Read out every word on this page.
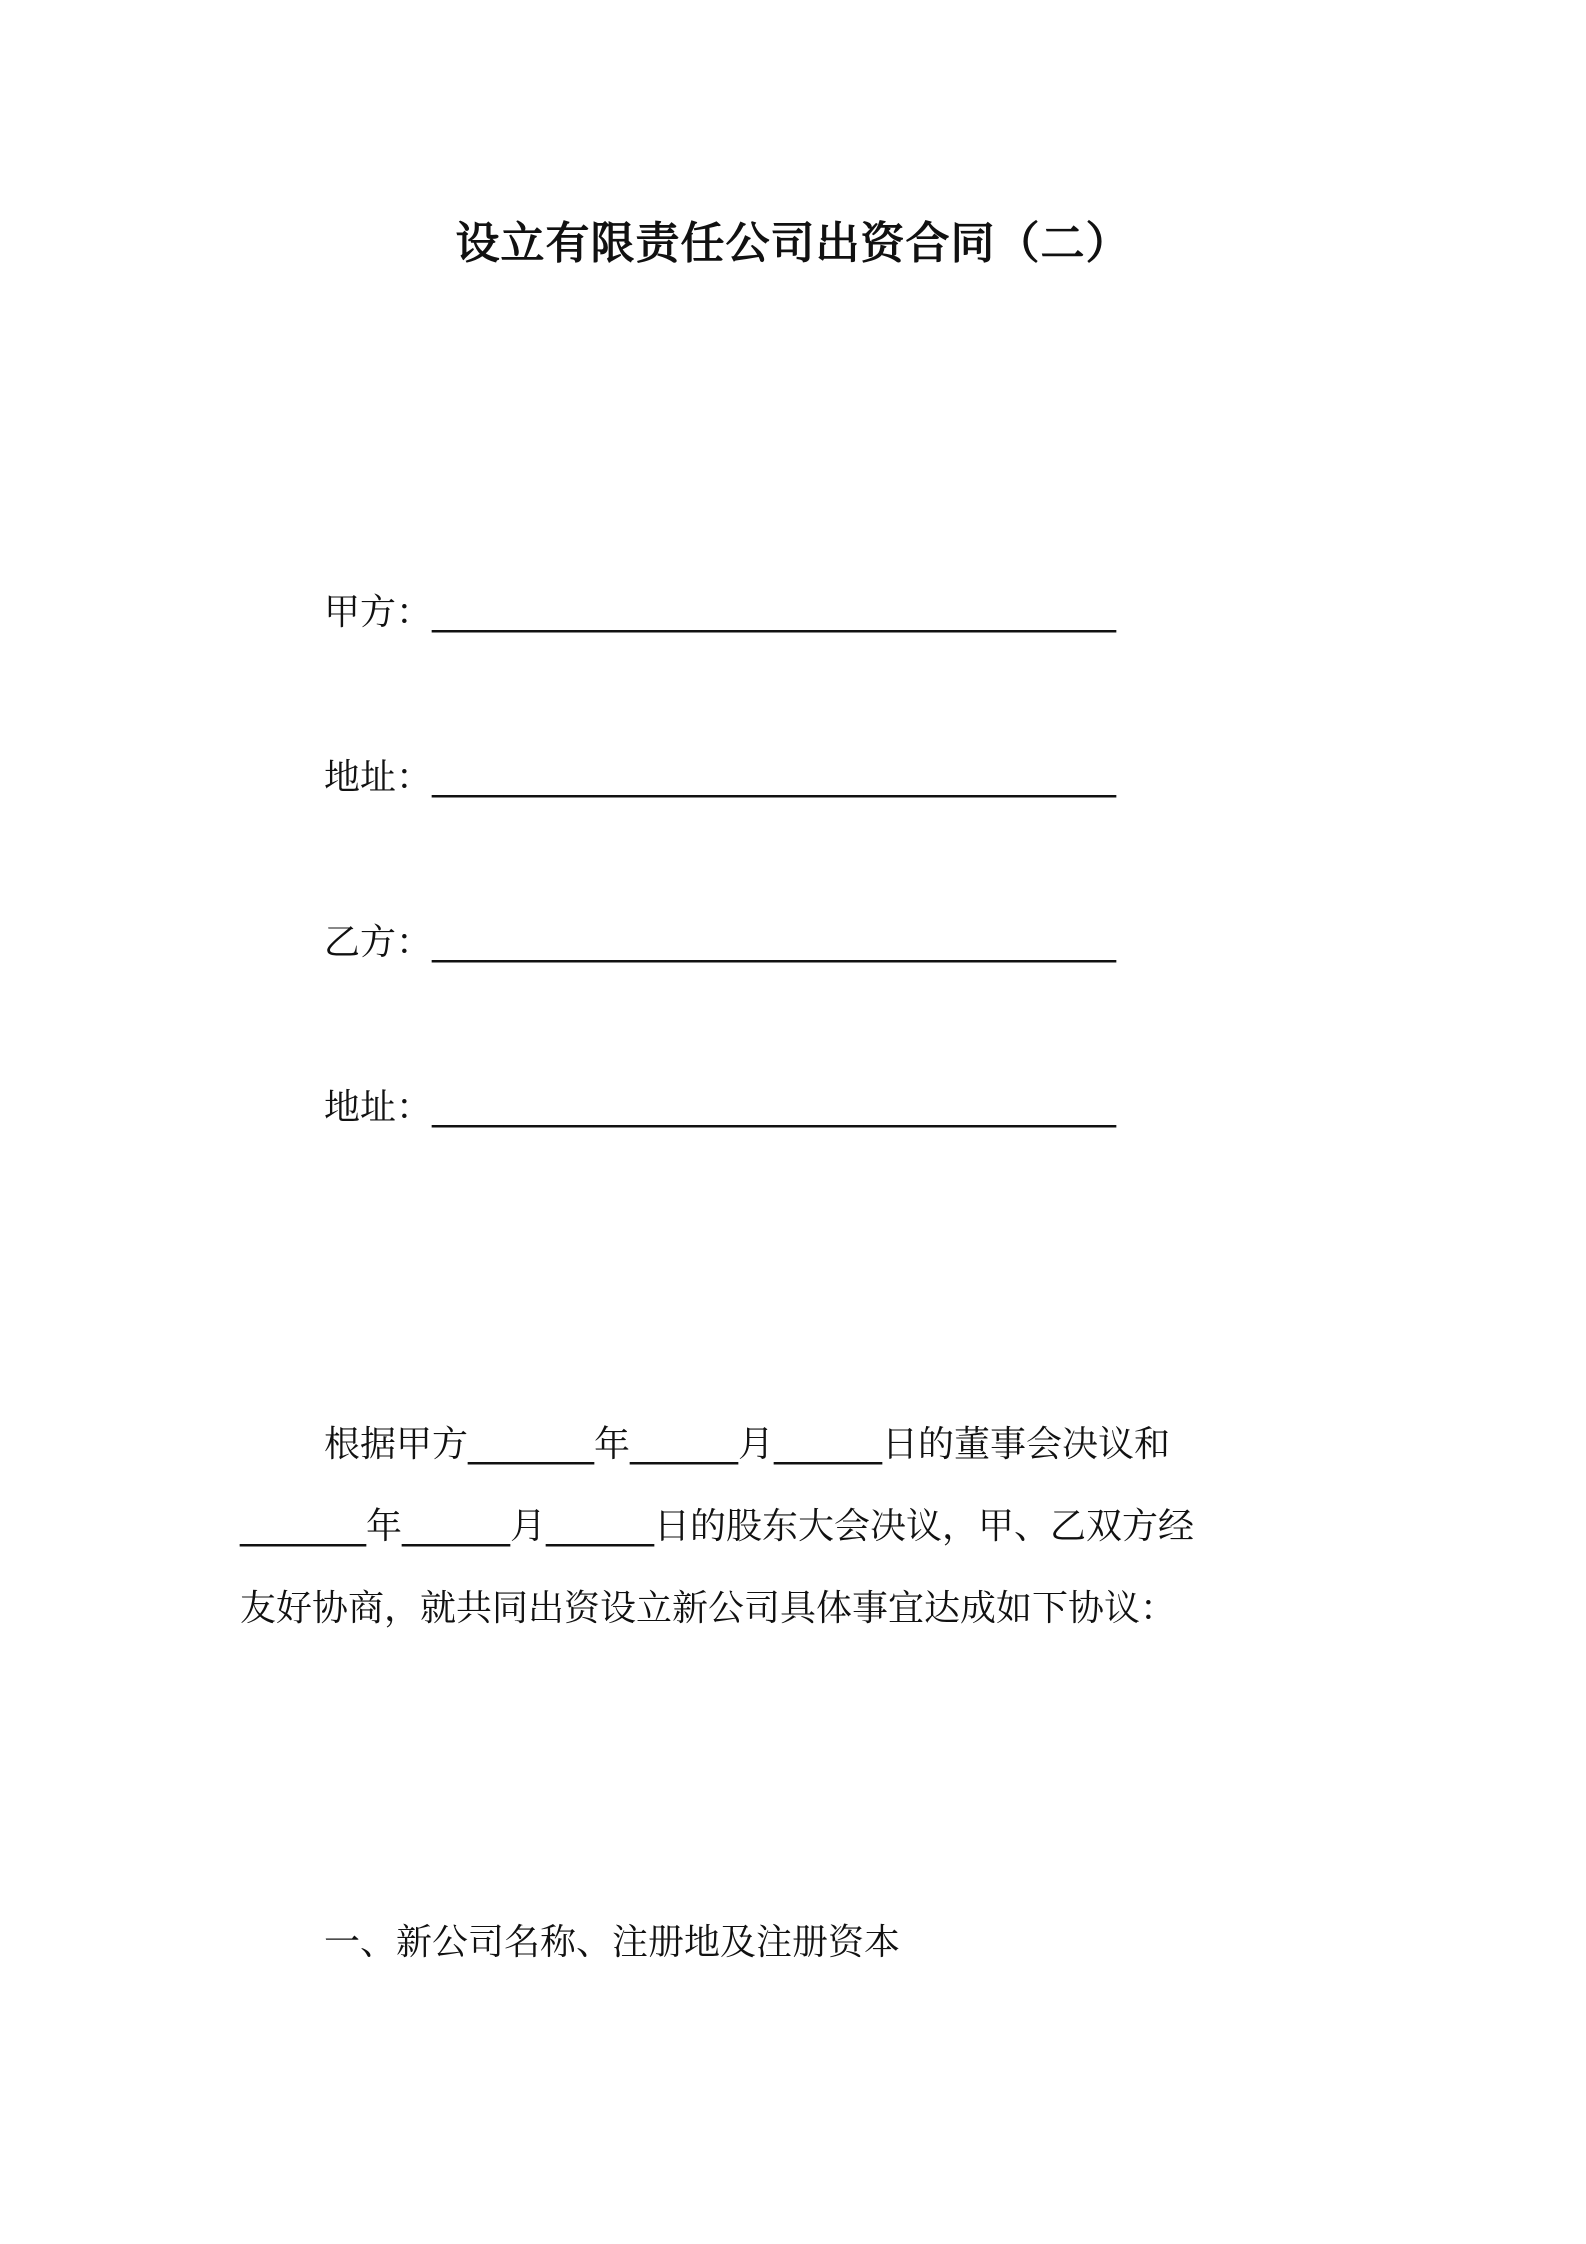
设立有限责任公司出资合同（二）
甲方：______________________________________
地址：______________________________________
乙方：______________________________________
地址：______________________________________
根据甲方_______年______月______日的董事会决议和
_______年______月______日的股东大会决议，甲、乙双方经
友好协商，就共同出资设立新公司具体事宜达成如下协议：
一、新公司名称、注册地及注册资本
